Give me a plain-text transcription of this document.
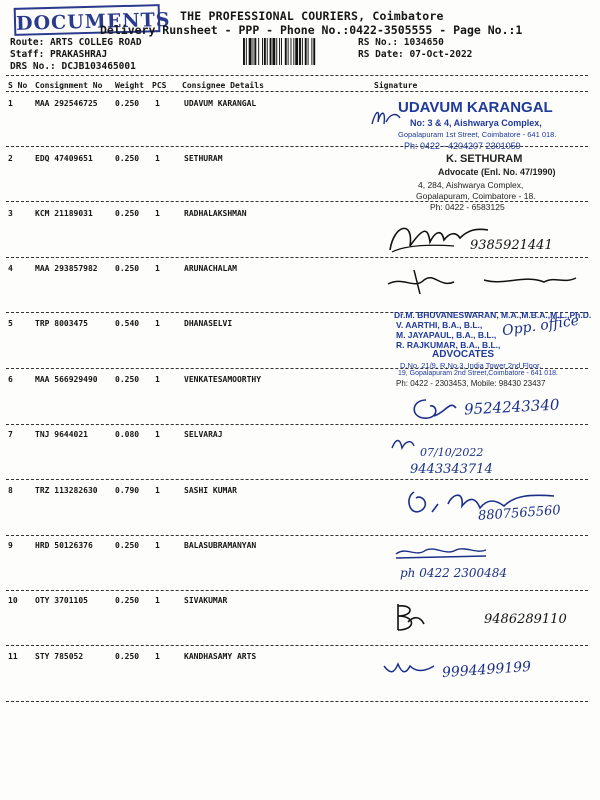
DOCUMENTS THE PROFESSIONAL COURIERS, Coimbatore
Delivery Runsheet - PPP - Phone No.:0422-3505555 - Page No.:1
Route: ARTS COLLEG ROAD
Staff: PRAKASHRAJ
DRS No.: DCJB103465001
RS No.: 1034650
RS Date: 07-Oct-2022
S No Consignment No Weight PCS Consignee Details	Signature
1	MAA 292546725 0.250 1	UDAVUM KARANGAL
2	EDQ 47409651	0.250 1	SETHURAM
3	KCM 21189031	0.250 1	RADHALAKSHMAN
4	MAA 293857982 0.250 1	ARUNACHALAM
5	TRP 8003475	0.540 1	DHANASELVI
6	MAA 566929490 0.250 1	VENKATESAMOORTHY
7	TNJ 9644021	0.080 1	SELVARAJ
8	TRZ 113282630 0.790 1	SASHI KUMAR
9	HRD 50126376	0.250 1	BALASUBRAMANYAN
10 OTY 3701105	0.250 1	SIVAKUMAR
11 STY 785052	0.250 1	KANDHASAMY ARTS
UDAVUM KARANGAL
No: 3 & 4, Aishwarya Complex,
Gopalapuram 1st Street, Coimbatore - 641 018.
Ph: 0422 - 4204207 2301059
K. SETHURAM
Advocate (Enl. No. 47/1990)
4, 284, Aishwarya Complex,
Gopalapuram, Coimbatore - 18.
Ph: 0422 - 6583125
9385921441
Dr.M. BHUVANESWARAN, M.A.,M.B.A.,M.L.,Ph.D.
V. AARTHI, B.A., B.L.,
M. JAYAPAUL, B.A., B.L.,
R. RAJKUMAR, B.A., B.L.,
ADVOCATES
D.No. 21/9, R.No.3, India Tower 2nd Floor,
19, Gopalapuram 2nd Street,Coimbatore - 641 018.
Ph: 0422 - 2303453, Mobile: 98430 23437
Opp. office
9524243340
07/10/2022
9443343714
8807565560
ph 0422 2300484
9486289110
9994499199
